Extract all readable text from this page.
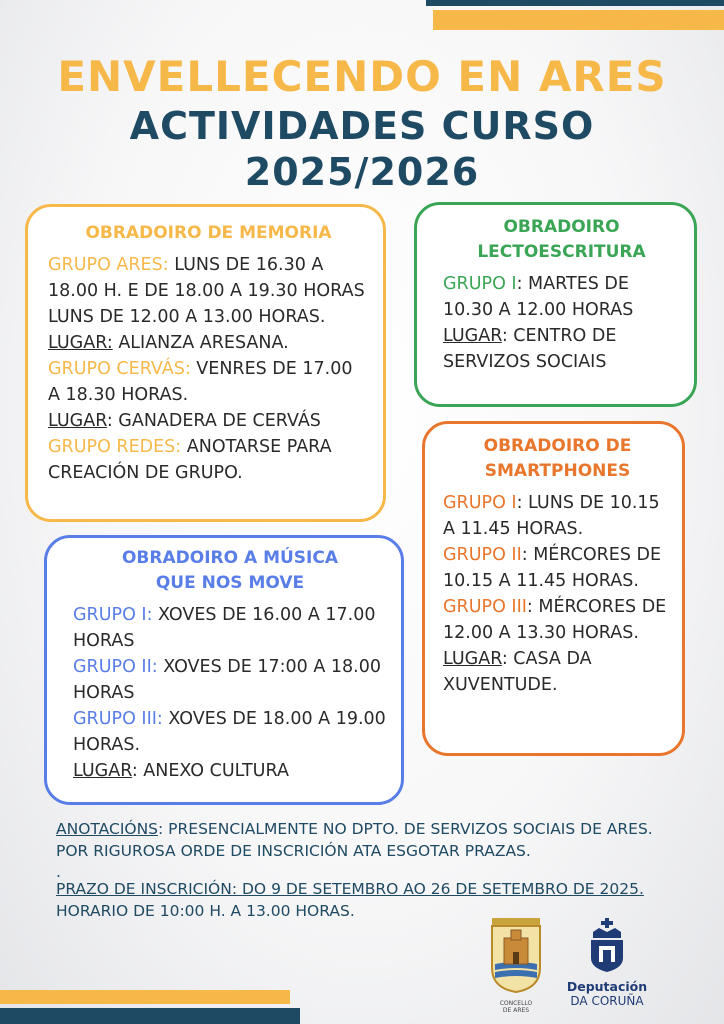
ENVELLECENDO EN ARES
ACTIVIDADES CURSO
2025/2026
OBRADOIRO DE MEMORIA

GRUPO ARES: LUNS DE 16.30 A 18.00 H. E DE 18.00 A 19.30 HORAS LUNS DE 12.00 A 13.00 HORAS.

LUGAR: ALIANZA ARESANA.

GRUPO CERVÁS: VENRES DE 17.00 A 18.30 HORAS.

LUGAR: GANADERA DE CERVÁS

GRUPO REDES: ANOTARSE PARA CREACIÓN DE GRUPO.

OBRADOIRO
LECTOESCRITURA

GRUPO I: MARTES DE 10.30 A 12.00 HORAS

LUGAR: CENTRO DE SERVIZOS SOCIAIS

OBRADOIRO DE
SMARTPHONES

GRUPO I: LUNS DE 10.15 A 11.45 HORAS.

GRUPO II: MÉRCORES DE 10.15 A 11.45 HORAS.

GRUPO III: MÉRCORES DE 12.00 A 13.30 HORAS.

LUGAR: CASA DA XUVENTUDE.

OBRADOIRO A MÚSICA
QUE NOS MOVE

GRUPO I: XOVES DE 16.00 A 17.00 HORAS

GRUPO II: XOVES DE 17:00 A 18.00 HORAS

GRUPO III: XOVES DE 18.00 A 19.00 HORAS.

LUGAR: ANEXO CULTURA

ANOTACIÓNS: PRESENCIALMENTE NO DPTO. DE SERVIZOS SOCIAIS DE ARES. POR RIGUROSA ORDE DE INSCRICIÓN ATA ESGOTAR PRAZAS.

.

PRAZO DE INSCRICIÓN: DO 9 DE SETEMBRO AO 26 DE SETEMBRO DE 2025. HORARIO DE 10:00 H. A 13.00 HORAS.

CONCELLO
DE ARES
Deputación
DA CORUÑA
